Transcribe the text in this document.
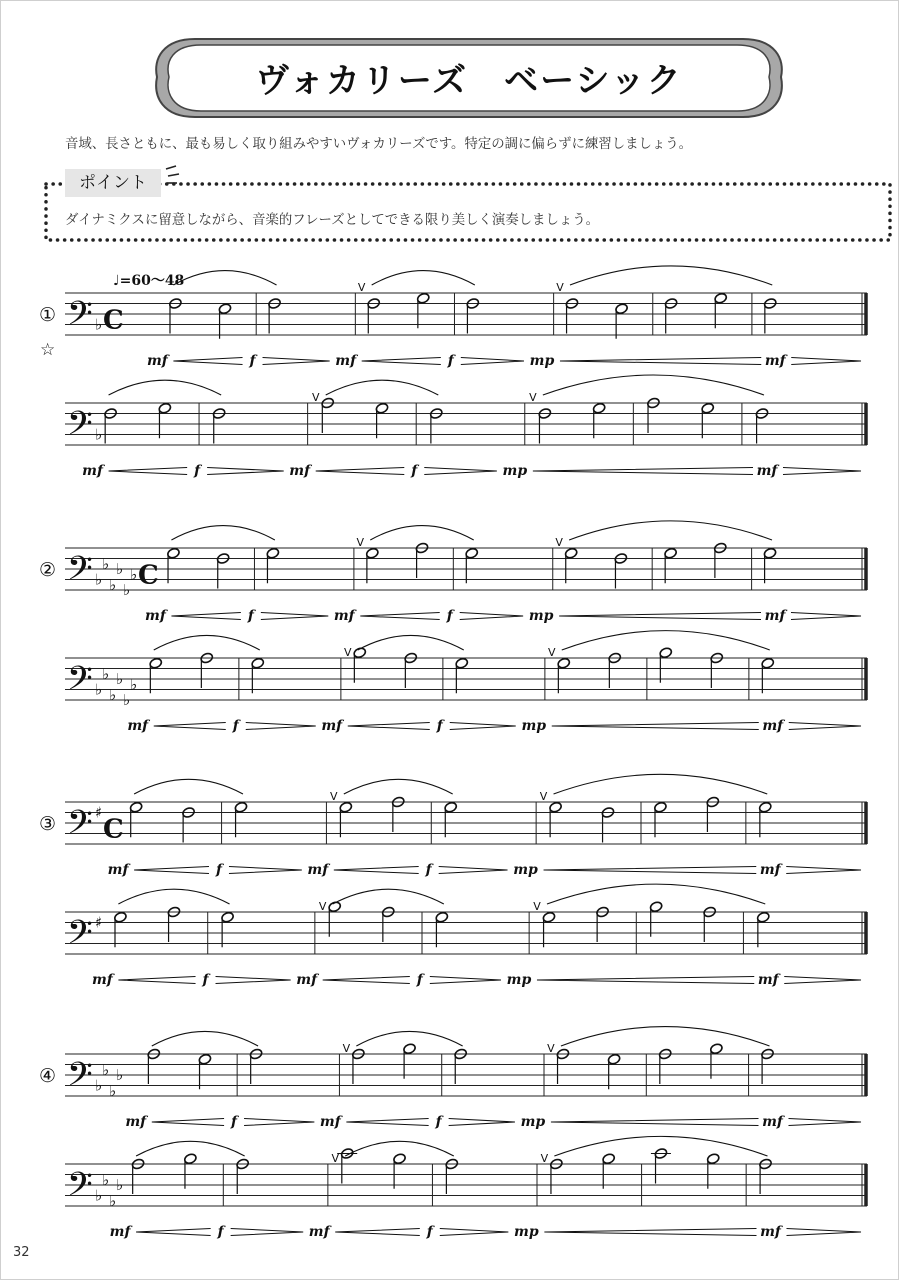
ヴォカリーズ　ベーシック
音域、長さともに、最も易しく取り組みやすいヴォカリーズです。特定の調に偏らずに練習しましょう。
ポイント
ダイナミクスに留意しながら、音楽的フレーズとしてできる限り美しく演奏しましょう。
𝄢 ♭
① C
♩=60～48
☆
V	V
mf	f	mf	f	mp	mf
𝄢 ♭
V	V
mf	f	mf	f	mp	mf
𝄢 ♭
♭
♭
♭
♭
♭
②	C
V	V
mf	f	mf	f	mp	mf
𝄢 ♭
♭
♭
♭
♭
♭
V	V
mf	f	mf	f	mp	mf
𝄢 ♯
③ C
V	V
mf	f	mf	f	mp	mf
𝄢 ♯
V	V
mf	f	mf	f	mp	mf
𝄢 ♭
♭
♭
♭
④
V	V
mf	f	mf	f	mp	mf
𝄢 ♭
♭
♭
♭
V	V
mf	f	mf	f	mp	mf
32
